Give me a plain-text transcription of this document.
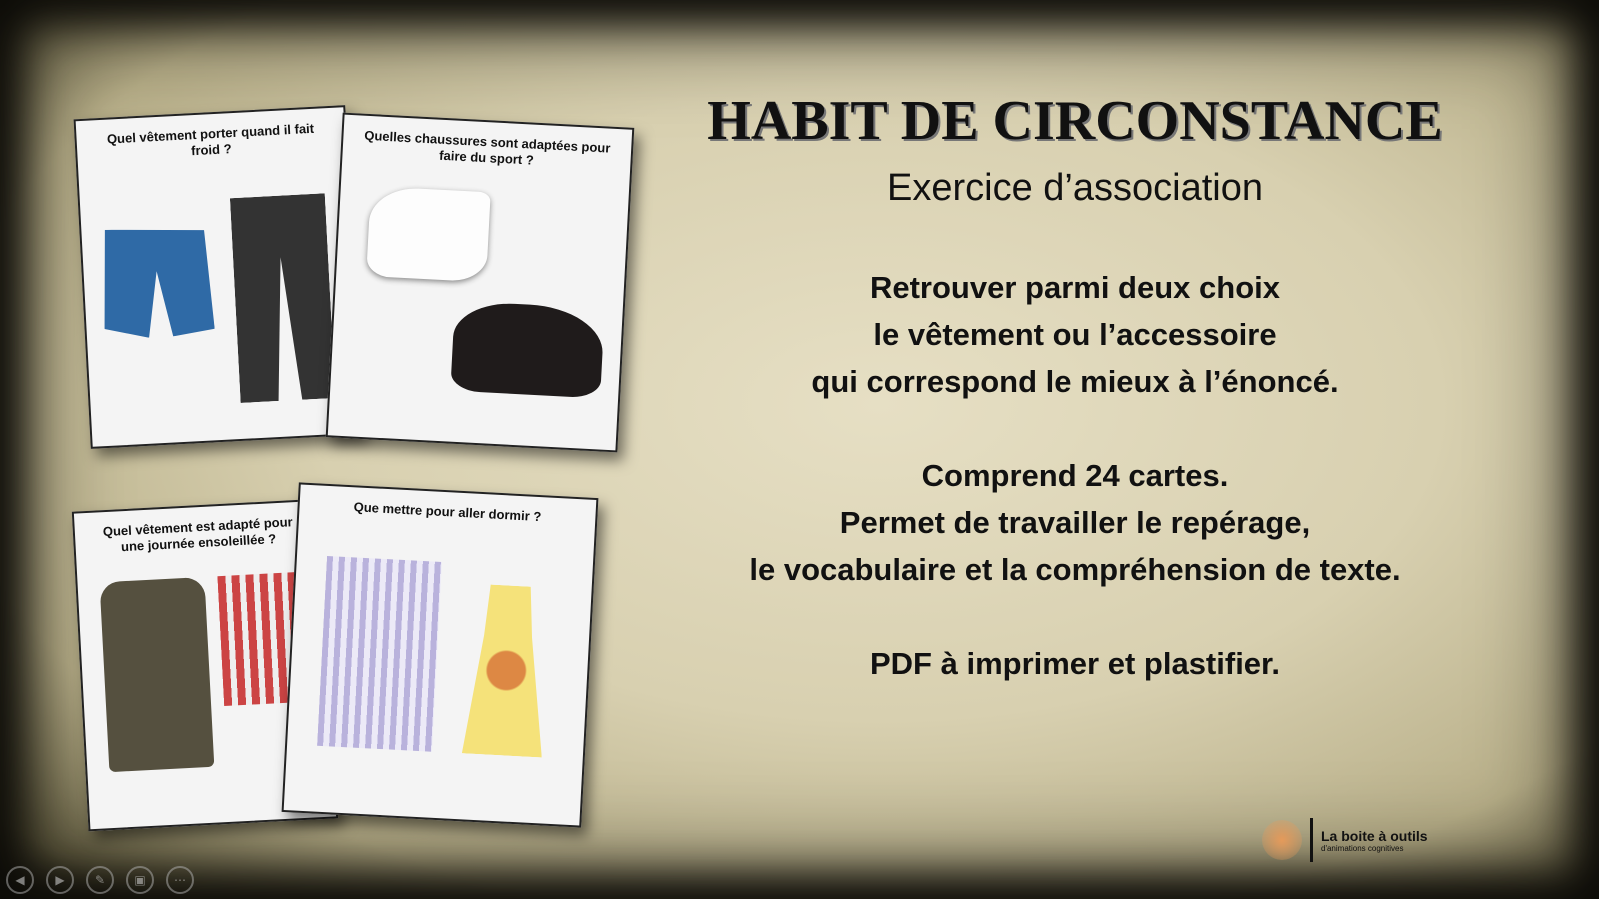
Quel vêtement porter quand il fait froid ?	Quelles chaussures sont adaptées pour faire du sport ?
Quel vêtement est adapté pour une journée ensoleillée ?
Que mettre pour aller dormir ?
HABIT DE CIRCONSTANCE
Exercice d’association
Retrouver parmi deux choix
le vêtement ou l’accessoire
qui correspond le mieux à l’énoncé.
Comprend 24 cartes.
Permet de travailler le repérage,
le vocabulaire et la compréhension de texte.
PDF à imprimer et plastifier.
La boite à outils
d'animations cognitives
◀	▶	✎	▣	⋯
